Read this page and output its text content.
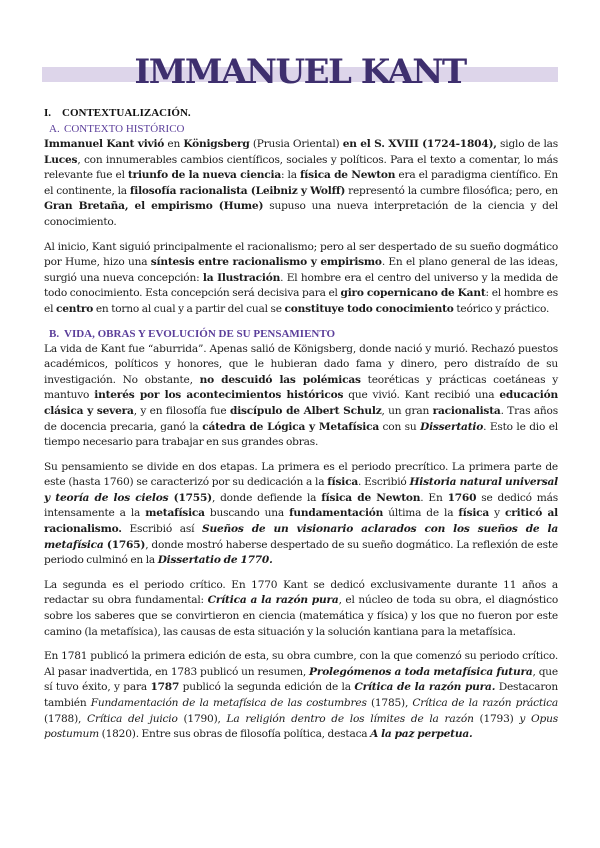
IMMANUEL KANT
I. CONTEXTUALIZACIÓN.
A. CONTEXTO HISTÓRICO

Immanuel Kant vivió en Königsberg (Prusia Oriental) en el S. XVIII (1724-1804), siglo de las Luces, con innumerables cambios científicos, sociales y políticos. Para el texto a comentar, lo más relevante fue el triunfo de la nueva ciencia: la física de Newton era el paradigma científico. En el continente, la filosofía racionalista (Leibniz y Wolff) representó la cumbre filosófica; pero, en Gran Bretaña, el empirismo (Hume) supuso una nueva interpretación de la ciencia y del conocimiento.

Al inicio, Kant siguió principalmente el racionalismo; pero al ser despertado de su sueño dogmático por Hume, hizo una síntesis entre racionalismo y empirismo. En el plano general de las ideas, surgió una nueva concepción: la Ilustración. El hombre era el centro del universo y la medida de todo conocimiento. Esta concepción será decisiva para el giro copernicano de Kant: el hombre es el centro en torno al cual y a partir del cual se constituye todo conocimiento teórico y práctico.

B. VIDA, OBRAS Y EVOLUCIÓN DE SU PENSAMIENTO

La vida de Kant fue “aburrida”. Apenas salió de Königsberg, donde nació y murió. Rechazó puestos académicos, políticos y honores, que le hubieran dado fama y dinero, pero distraído de su investigación. No obstante, no descuidó las polémicas teoréticas y prácticas coetáneas y mantuvo interés por los acontecimientos históricos que vivió. Kant recibió una educación clásica y severa, y en filosofía fue discípulo de Albert Schulz, un gran racionalista. Tras años de docencia precaria, ganó la cátedra de Lógica y Metafísica con su Dissertatio. Esto le dio el tiempo necesario para trabajar en sus grandes obras.

Su pensamiento se divide en dos etapas. La primera es el periodo precrítico. La primera parte de este (hasta 1760) se caracterizó por su dedicación a la física. Escribió Historia natural universal y teoría de los cielos (1755), donde defiende la física de Newton. En 1760 se dedicó más intensamente a la metafísica buscando una fundamentación última de la física y criticó al racionalismo. Escribió así Sueños de un visionario aclarados con los sueños de la metafísica (1765), donde mostró haberse despertado de su sueño dogmático. La reflexión de este periodo culminó en la Dissertatio de 1770.

La segunda es el periodo crítico. En 1770 Kant se dedicó exclusivamente durante 11 años a redactar su obra fundamental: Crítica a la razón pura, el núcleo de toda su obra, el diagnóstico sobre los saberes que se convirtieron en ciencia (matemática y física) y los que no fueron por este camino (la metafísica), las causas de esta situación y la solución kantiana para la metafísica.

En 1781 publicó la primera edición de esta, su obra cumbre, con la que comenzó su periodo crítico. Al pasar inadvertida, en 1783 publicó un resumen, Prolegómenos a toda metafísica futura, que sí tuvo éxito, y para 1787 publicó la segunda edición de la Crítica de la razón pura. Destacaron también Fundamentación de la metafísica de las costumbres (1785), Crítica de la razón práctica (1788), Crítica del juicio (1790), La religión dentro de los límites de la razón (1793) y Opus postumum (1820). Entre sus obras de filosofía política, destaca A la paz perpetua.
